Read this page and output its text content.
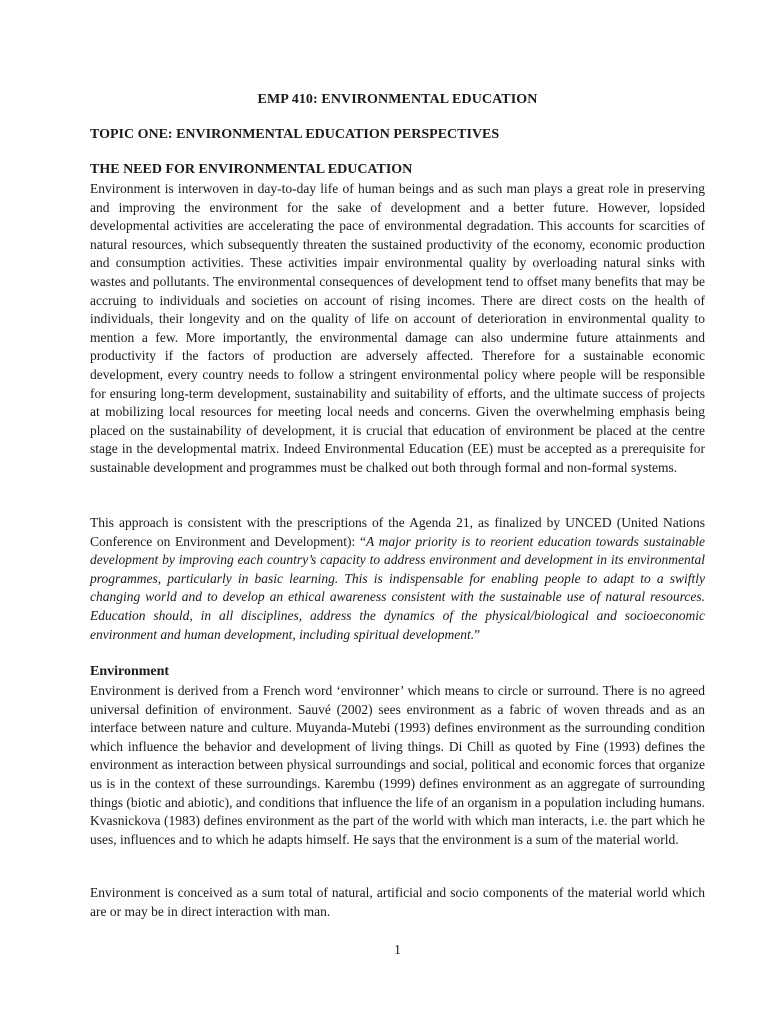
EMP 410: ENVIRONMENTAL EDUCATION

TOPIC ONE: ENVIRONMENTAL EDUCATION PERSPECTIVES

THE NEED FOR ENVIRONMENTAL EDUCATION

Environment is interwoven in day-to-day life of human beings and as such man plays a great role in preserving and improving the environment for the sake of development and a better future. However, lopsided developmental activities are accelerating the pace of environmental degradation. This accounts for scarcities of natural resources, which subsequently threaten the sustained productivity of the economy, economic production and consumption activities. These activities impair environmental quality by overloading natural sinks with wastes and pollutants. The environmental consequences of development tend to offset many benefits that may be accruing to individuals and societies on account of rising incomes. There are direct costs on the health of individuals, their longevity and on the quality of life on account of deterioration in environmental quality to mention a few. More importantly, the environmental damage can also undermine future attainments and productivity if the factors of production are adversely affected. Therefore for a sustainable economic development, every country needs to follow a stringent environmental policy where people will be responsible for ensuring long-term development, sustainability and suitability of efforts, and the ultimate success of projects at mobilizing local resources for meeting local needs and concerns. Given the overwhelming emphasis being placed on the sustainability of development, it is crucial that education of environment be placed at the centre stage in the developmental matrix. Indeed Environmental Education (EE) must be accepted as a prerequisite for sustainable development and programmes must be chalked out both through formal and non-formal systems.

This approach is consistent with the prescriptions of the Agenda 21, as finalized by UNCED (United Nations Conference on Environment and Development): “A major priority is to reorient education towards sustainable development by improving each country’s capacity to address environment and development in its environmental programmes, particularly in basic learning. This is indispensable for enabling people to adapt to a swiftly changing world and to develop an ethical awareness consistent with the sustainable use of natural resources. Education should, in all disciplines, address the dynamics of the physical/biological and socioeconomic environment and human development, including spiritual development.”

Environment

Environment is derived from a French word ‘environner’ which means to circle or surround. There is no agreed universal definition of environment. Sauvé (2002) sees environment as a fabric of woven threads and as an interface between nature and culture. Muyanda-Mutebi (1993) defines environment as the surrounding condition which influence the behavior and development of living things. Di Chill as quoted by Fine (1993) defines the environment as interaction between physical surroundings and social, political and economic forces that organize us is in the context of these surroundings. Karembu (1999) defines environment as an aggregate of surrounding things (biotic and abiotic), and conditions that influence the life of an organism in a population including humans. Kvasnickova (1983) defines environment as the part of the world with which man interacts, i.e. the part which he uses, influences and to which he adapts himself. He says that the environment is a sum of the material world.

Environment is conceived as a sum total of natural, artificial and socio components of the material world which are or may be in direct interaction with man.

1
